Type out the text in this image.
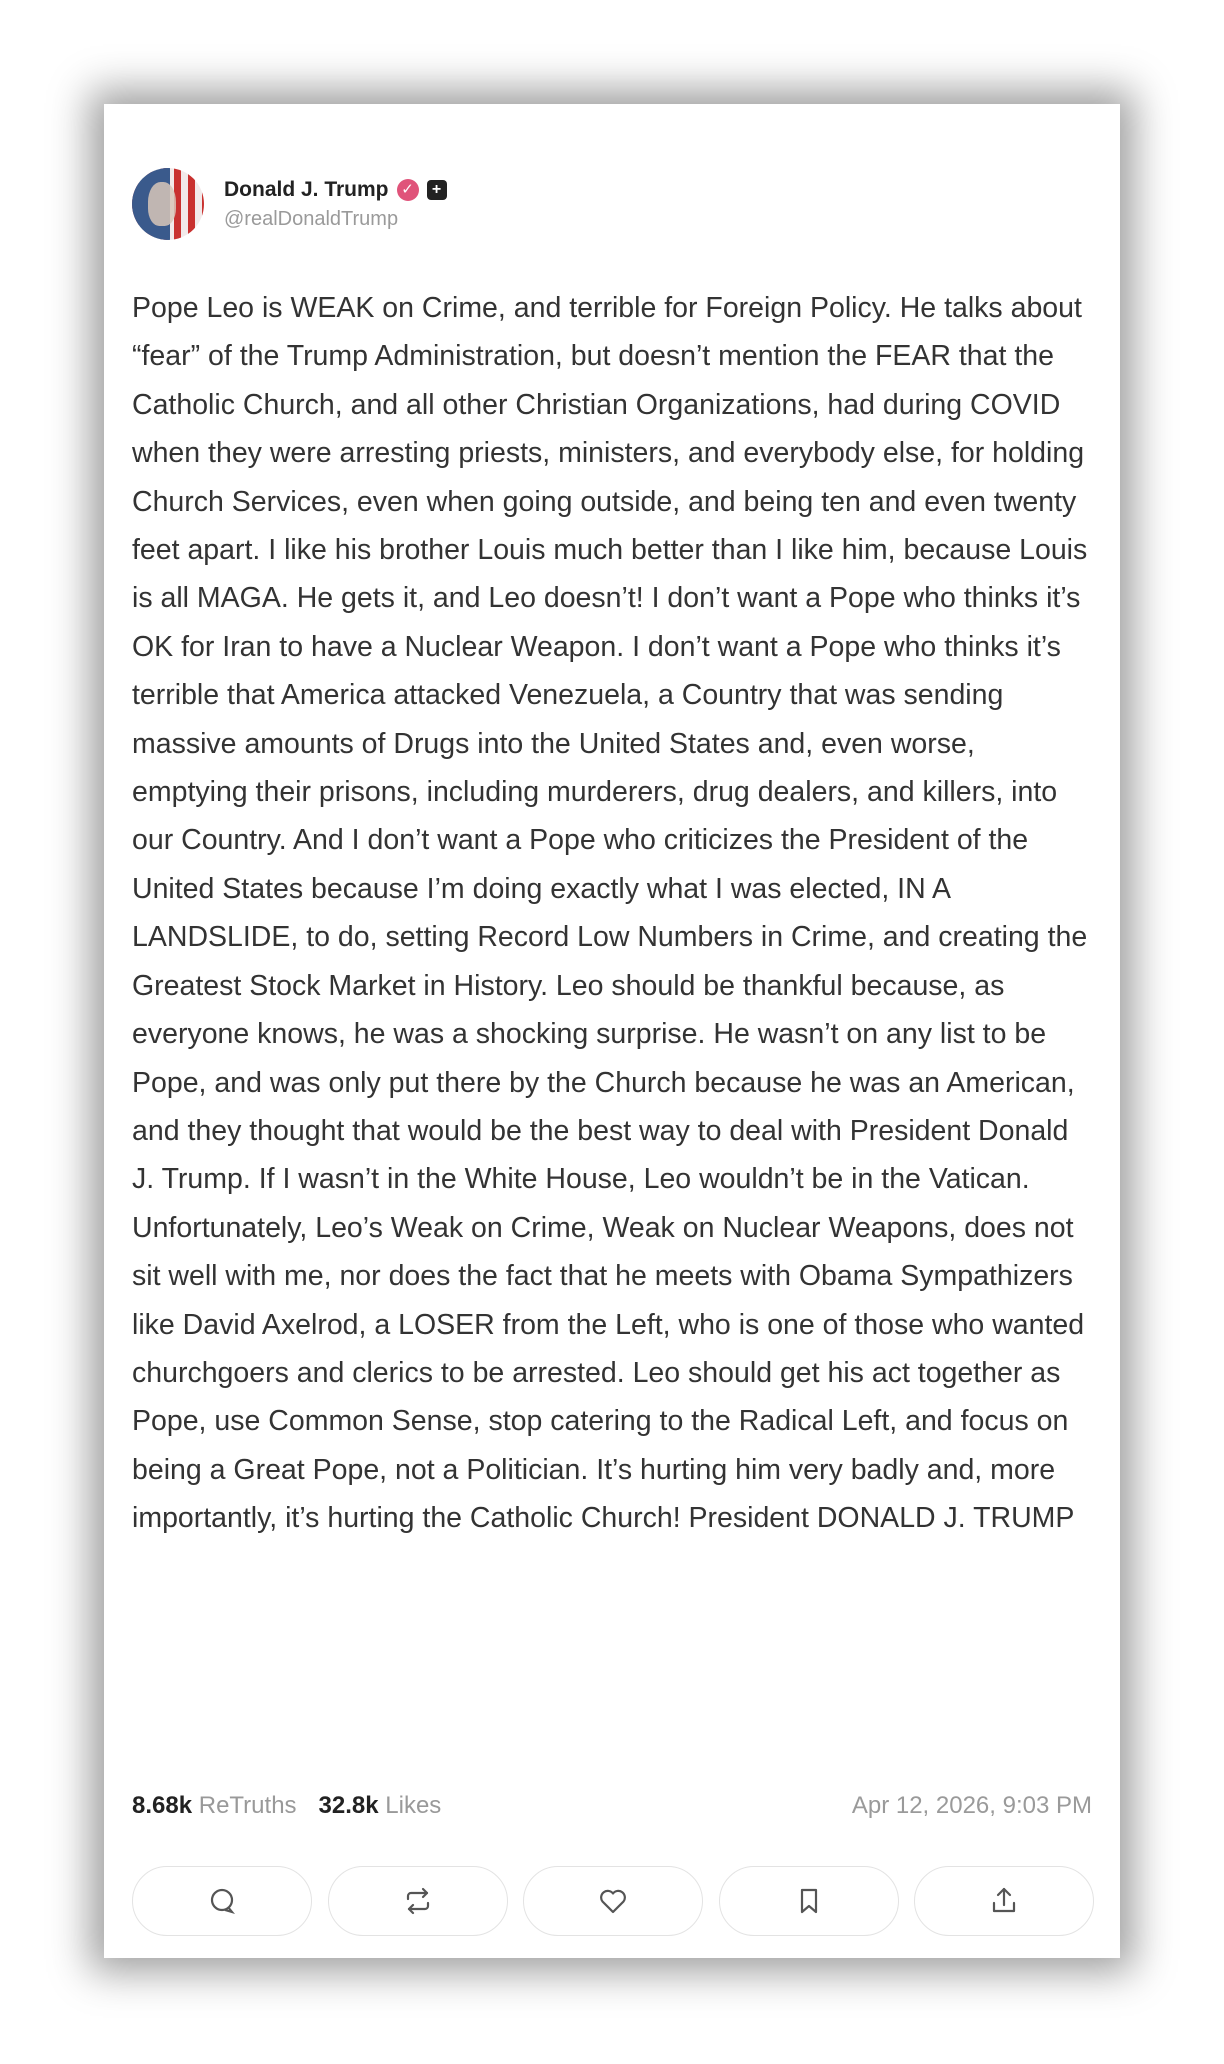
Donald J. Trump ✓	+
@realDonaldTrump

Pope Leo is WEAK on Crime, and terrible for Foreign Policy. He talks about “fear” of the Trump Administration, but doesn’t mention the FEAR that the Catholic Church, and all other Christian Organizations, had during COVID when they were arresting priests, ministers, and everybody else, for holding Church Services, even when going outside, and being ten and even twenty feet apart. I like his brother Louis much better than I like him, because Louis is all MAGA. He gets it, and Leo doesn’t! I don’t want a Pope who thinks it’s OK for Iran to have a Nuclear Weapon. I don’t want a Pope who thinks it’s terrible that America attacked Venezuela, a Country that was sending massive amounts of Drugs into the United States and, even worse, emptying their prisons, including murderers, drug dealers, and killers, into our Country. And I don’t want a Pope who criticizes the President of the United States because I’m doing exactly what I was elected, IN A LANDSLIDE, to do, setting Record Low Numbers in Crime, and creating the Greatest Stock Market in History. Leo should be thankful because, as everyone knows, he was a shocking surprise. He wasn’t on any list to be Pope, and was only put there by the Church because he was an American, and they thought that would be the best way to deal with President Donald J. Trump. If I wasn’t in the White House, Leo wouldn’t be in the Vatican. Unfortunately, Leo’s Weak on Crime, Weak on Nuclear Weapons, does not sit well with me, nor does the fact that he meets with Obama Sympathizers like David Axelrod, a LOSER from the Left, who is one of those who wanted churchgoers and clerics to be arrested. Leo should get his act together as Pope, use Common Sense, stop catering to the Radical Left, and focus on being a Great Pope, not a Politician. It’s hurting him very badly and, more importantly, it’s hurting the Catholic Church! President DONALD J. TRUMP

8.68k
ReTruths 32.8k
Likes	Apr 12, 2026, 9:03 PM
